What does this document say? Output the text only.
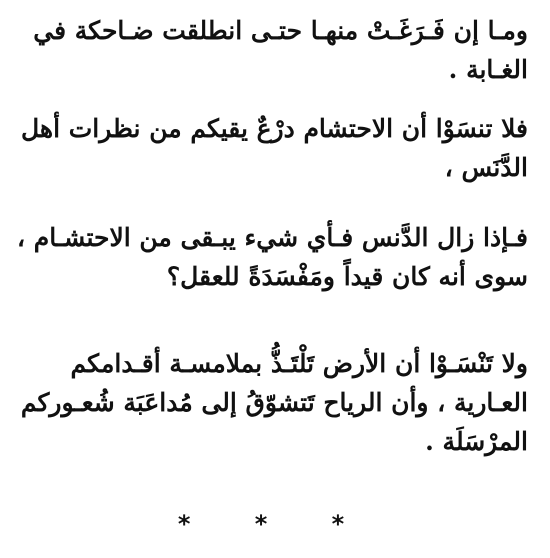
ومـا إن فَـرَغَـتْ منهـا حتـى انطلقت ضـاحكة في
الغـابة .
فلا تنسَوْا أن الاحتشام درْعٌ يقيكم من نظرات أهل
الدَّنَس ،
فـإذا زال الدَّنس فـأي شيء يبـقى من الاحتشـام ،
سوى أنه كان قيداً ومَفْسَدَةً للعقل؟
ولا تَنْسَـوْا أن الأرض تَلْتَـذُّ بملامسـة أقـدامكم
العـارية ، وأن الرياح تَتشوّقُ إلى مُداعَبَة شُعـوركم
المرْسَلَة .
* * *
